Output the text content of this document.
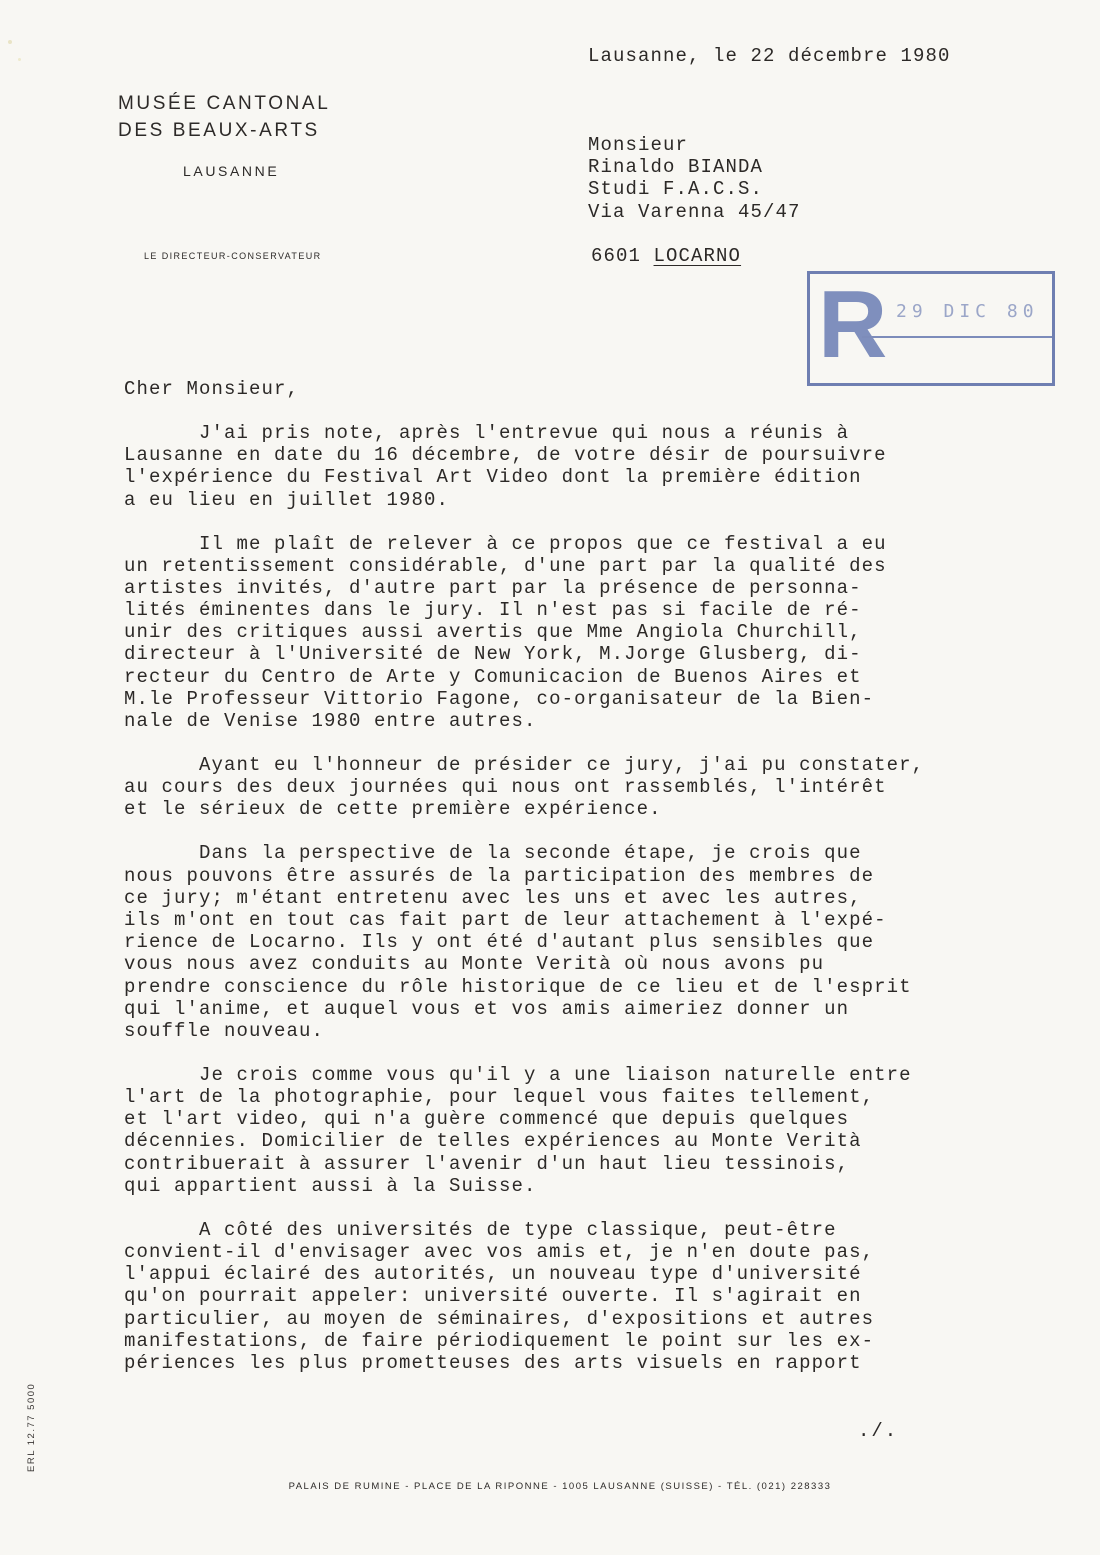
MUSÉE CANTONAL
DES BEAUX-ARTS
LAUSANNE
LE DIRECTEUR-CONSERVATEUR
Lausanne, le 22 décembre 1980
Monsieur
Rinaldo BIANDA
Studi F.A.C.S.
Via Varenna 45/47
6601 LOCARNO
R 29 DIC 80
Cher Monsieur,
J'ai pris note, après l'entrevue qui nous a réunis à
Lausanne en date du 16 décembre, de votre désir de poursuivre
l'expérience du Festival Art Video dont la première édition
a eu lieu en juillet 1980.
Il me plaît de relever à ce propos que ce festival a eu
un retentissement considérable, d'une part par la qualité des
artistes invités, d'autre part par la présence de personna-
lités éminentes dans le jury. Il n'est pas si facile de ré-
unir des critiques aussi avertis que Mme Angiola Churchill,
directeur à l'Université de New York, M.Jorge Glusberg, di-
recteur du Centro de Arte y Comunicacion de Buenos Aires et
M.le Professeur Vittorio Fagone, co-organisateur de la Bien-
nale de Venise 1980 entre autres.
Ayant eu l'honneur de présider ce jury, j'ai pu constater,
au cours des deux journées qui nous ont rassemblés, l'intérêt
et le sérieux de cette première expérience.
Dans la perspective de la seconde étape, je crois que
nous pouvons être assurés de la participation des membres de
ce jury; m'étant entretenu avec les uns et avec les autres,
ils m'ont en tout cas fait part de leur attachement à l'expé-
rience de Locarno. Ils y ont été d'autant plus sensibles que
vous nous avez conduits au Monte Verità où nous avons pu
prendre conscience du rôle historique de ce lieu et de l'esprit
qui l'anime, et auquel vous et vos amis aimeriez donner un
souffle nouveau.
Je crois comme vous qu'il y a une liaison naturelle entre
l'art de la photographie, pour lequel vous faites tellement,
et l'art video, qui n'a guère commencé que depuis quelques
décennies. Domicilier de telles expériences au Monte Verità
contribuerait à assurer l'avenir d'un haut lieu tessinois,
qui appartient aussi à la Suisse.
A côté des universités de type classique, peut-être
convient-il d'envisager avec vos amis et, je n'en doute pas,
l'appui éclairé des autorités, un nouveau type d'université
qu'on pourrait appeler: université ouverte. Il s'agirait en
particulier, au moyen de séminaires, d'expositions et autres
manifestations, de faire périodiquement le point sur les ex-
périences les plus prometteuses des arts visuels en rapport
./.
ERL 12.77 5000
PALAIS DE RUMINE - PLACE DE LA RIPONNE - 1005 LAUSANNE (SUISSE) - TÉL. (021) 228333
